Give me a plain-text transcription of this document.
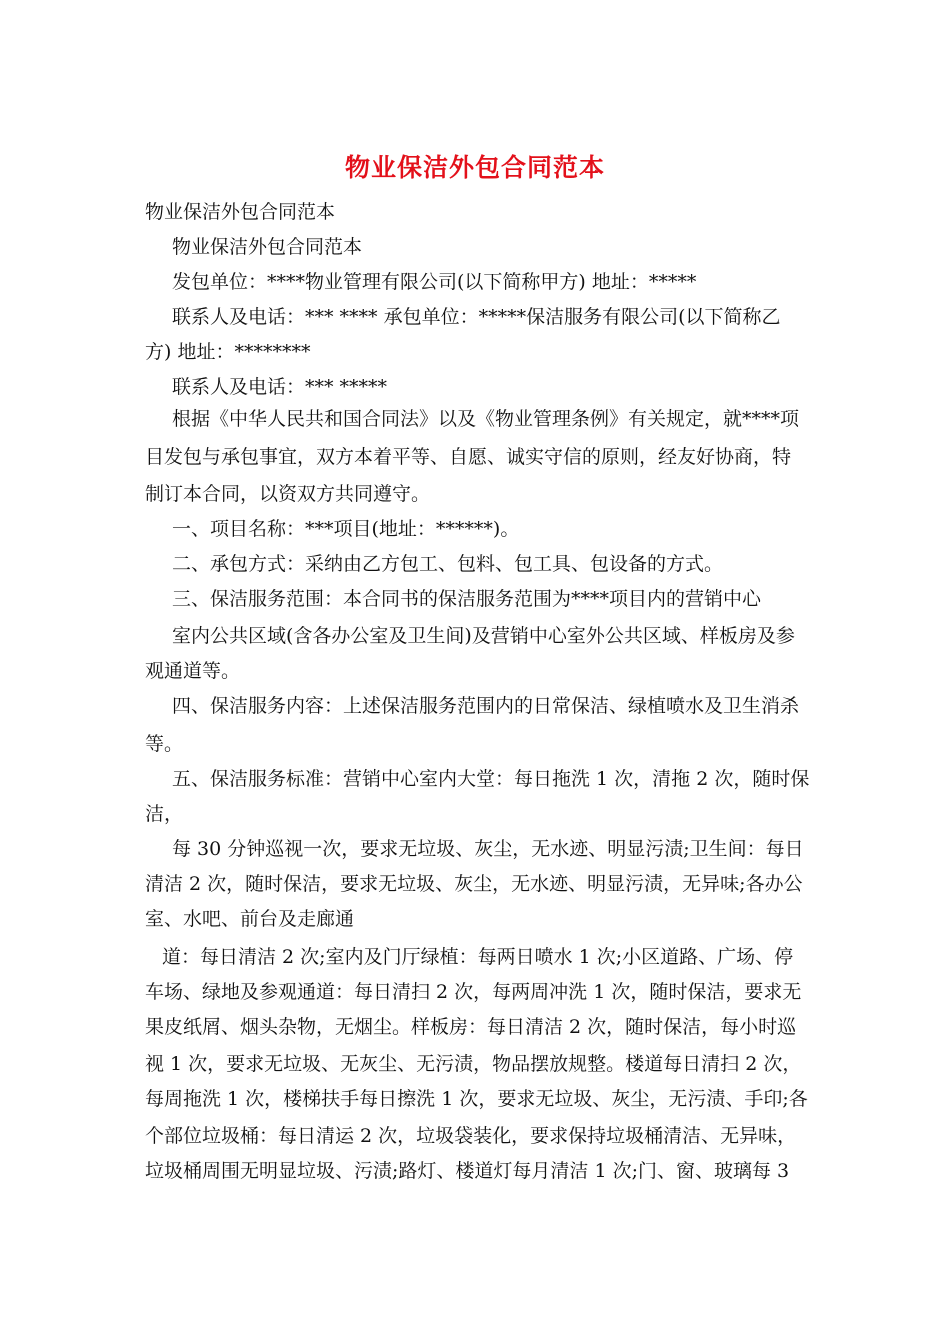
物业保洁外包合同范本
物业保洁外包合同范本
物业保洁外包合同范本
发包单位：****物业管理有限公司(以下简称甲方) 地址：*****
联系人及电话：*** **** 承包单位：*****保洁服务有限公司(以下简称乙
方) 地址：********
联系人及电话：*** *****
根据《中华人民共和国合同法》以及《物业管理条例》有关规定，就****项
目发包与承包事宜，双方本着平等、自愿、诚实守信的原则，经友好协商，特
制订本合同，以资双方共同遵守。
一、项目名称：***项目(地址：******)。
二、承包方式：采纳由乙方包工、包料、包工具、包设备的方式。
三、保洁服务范围：本合同书的保洁服务范围为****项目内的营销中心
室内公共区域(含各办公室及卫生间)及营销中心室外公共区域、样板房及参
观通道等。
四、保洁服务内容：上述保洁服务范围内的日常保洁、绿植喷水及卫生消杀
等。
五、保洁服务标准：营销中心室内大堂：每日拖洗 1 次，清拖 2 次，随时保
洁，
每 30 分钟巡视一次，要求无垃圾、灰尘，无水迹、明显污渍;卫生间：每日
清洁 2 次，随时保洁，要求无垃圾、灰尘，无水迹、明显污渍，无异味;各办公
室、水吧、前台及走廊通
道：每日清洁 2 次;室内及门厅绿植：每两日喷水 1 次;小区道路、广场、停
车场、绿地及参观通道：每日清扫 2 次，每两周冲洗 1 次，随时保洁，要求无
果皮纸屑、烟头杂物，无烟尘。样板房：每日清洁 2 次，随时保洁，每小时巡
视 1 次，要求无垃圾、无灰尘、无污渍，物品摆放规整。楼道每日清扫 2 次，
每周拖洗 1 次，楼梯扶手每日擦洗 1 次，要求无垃圾、灰尘，无污渍、手印;各
个部位垃圾桶：每日清运 2 次，垃圾袋装化，要求保持垃圾桶清洁、无异味，
垃圾桶周围无明显垃圾、污渍;路灯、楼道灯每月清洁 1 次;门、窗、玻璃每 3
